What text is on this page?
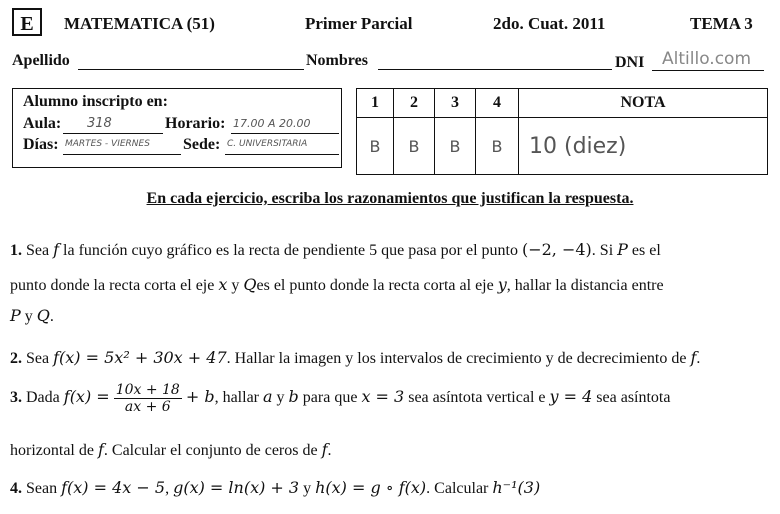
E	MATEMATICA (51)	Primer Parcial	2do. Cuat. 2011	TEMA 3
Apellido	Nombres	DNI Altillo.com
Alumno inscripto en:
Aula: 318	Horario: 17.00 A 20.00
Días: MARTES - VIERNES Sede: C. UNIVERSITARIA
1	2	3	4	NOTA
B	B	B	B	10 (diez)
En cada ejercicio, escriba los razonamientos que justifican la respuesta.
1. Sea f la función cuyo gráfico es la recta de pendiente 5 que pasa por el punto (−2, −4). Si P es el
punto donde la recta corta el eje x y Qes el punto donde la recta corta al eje y, hallar la distancia entre
P y Q.
2. Sea f(x) = 5x² + 30x + 47. Hallar la imagen y los intervalos de crecimiento y de decrecimiento de f.
3. Dada $f(x) = \frac{10x + 18}{ax + 6} + b$, hallar a y b para que x = 3 sea asíntota vertical e y = 4 sea asíntota
horizontal de f. Calcular el conjunto de ceros de f.
4. Sean f(x) = 4x − 5, g(x) = ln(x) + 3 y h(x) = g ∘ f(x). Calcular h⁻¹(3)
